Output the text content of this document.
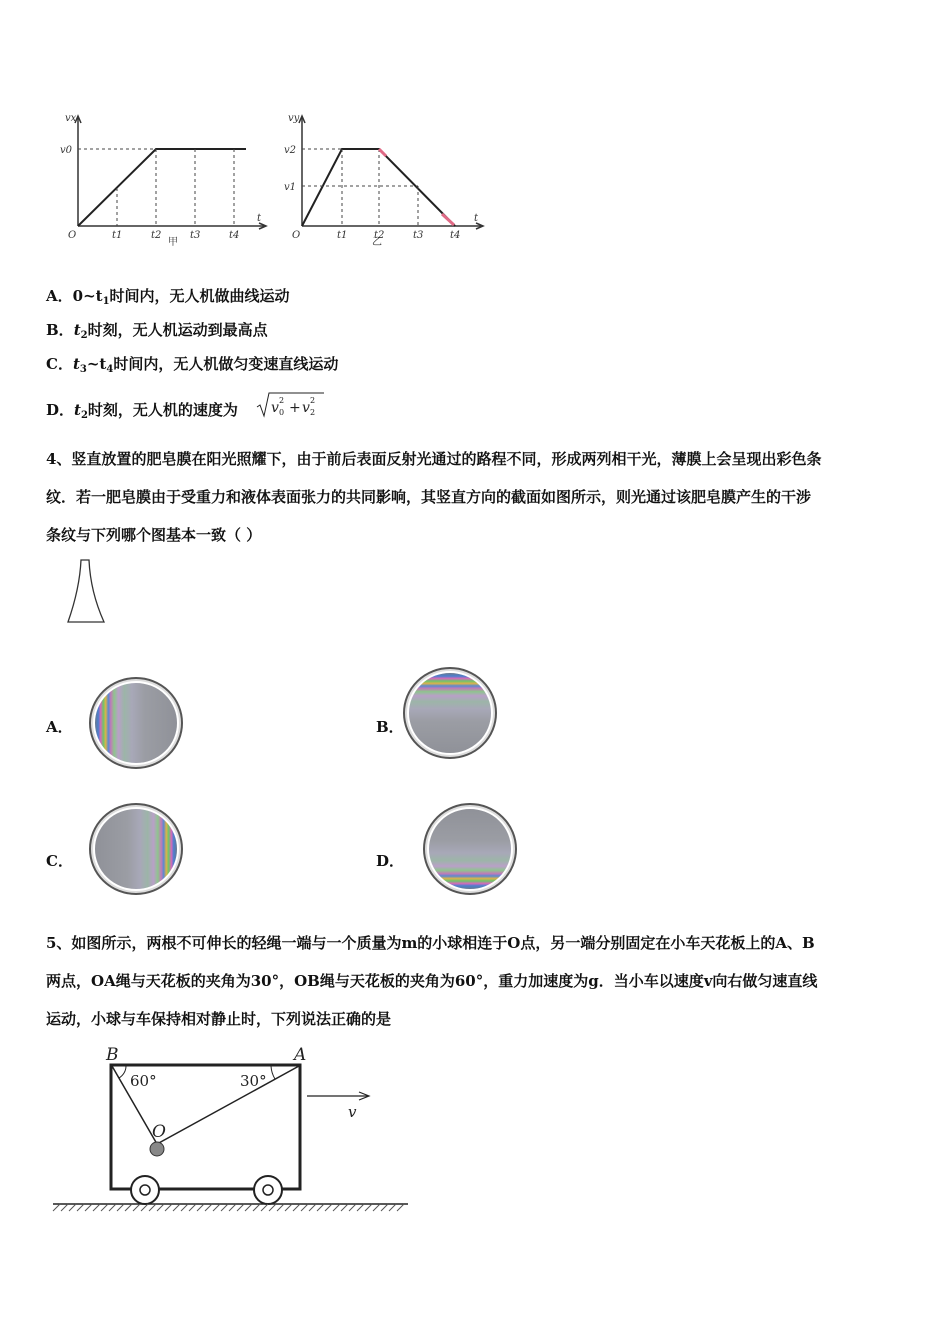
vx
v0
O	t1	t2	t3	t4
t
甲
vy
v2
v1
O	t1	t2	t3	t4
t
乙
A．$0\sim t_1$时间内，无人机做曲线运动
B．$t_2$时刻，无人机运动到最高点
C．$t_3\sim t_4$时间内，无人机做匀变速直线运动
D．$t_2$时刻，无人机的速度为 v 0
2 + v 2
2
4、竖直放置的肥皂膜在阳光照耀下，由于前后表面反射光通过的路程不同，形成两列相干光，薄膜上会呈现出彩色条
纹．若一肥皂膜由于受重力和液体表面张力的共同影响，其竖直方向的截面如图所示，则光通过该肥皂膜产生的干涉
条纹与下列哪个图基本一致（ ）
A．	B．
C．	D．
5、如图所示，两根不可伸长的轻绳一端与一个质量为m的小球相连于O点，另一端分别固定在小车天花板上的A、B
两点，OA绳与天花板的夹角为30°，OB绳与天花板的夹角为60°，重力加速度为g．当小车以速度v向右做匀速直线
运动，小球与车保持相对静止时，下列说法正确的是
B	A
60°	30°
O
v
